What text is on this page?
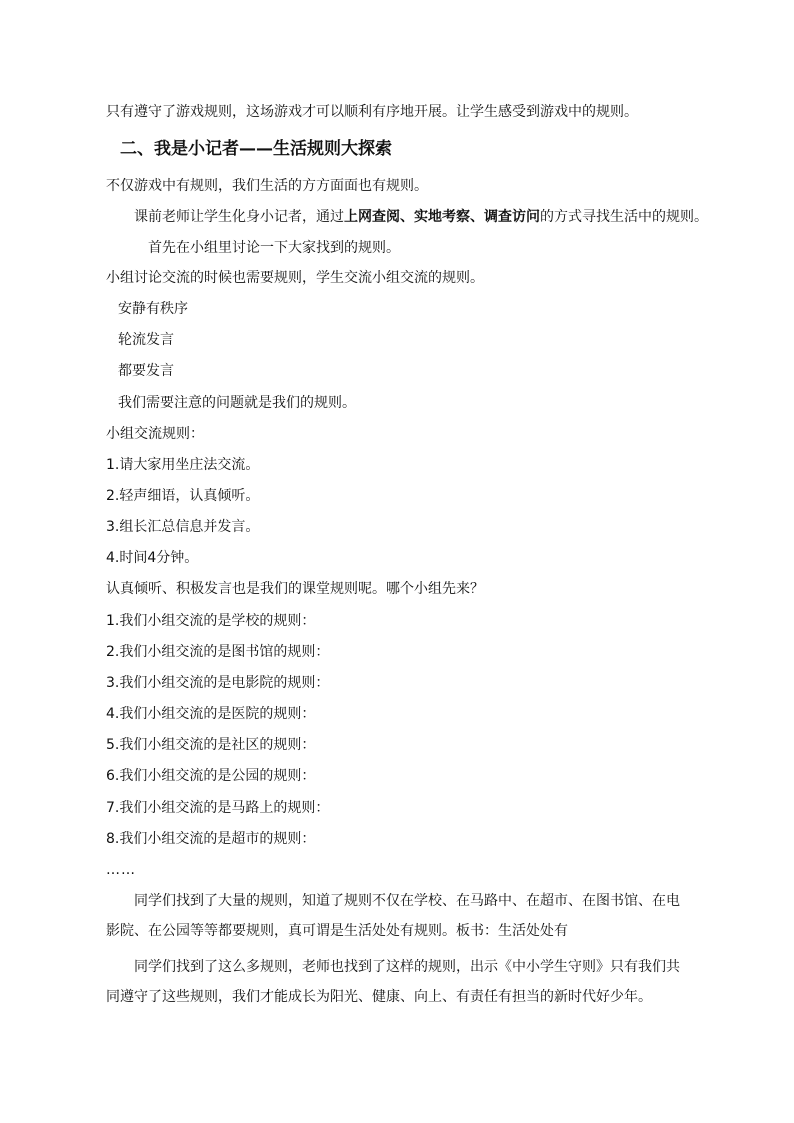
只有遵守了游戏规则，这场游戏才可以顺利有序地开展。让学生感受到游戏中的规则。
二、我是小记者——生活规则大探索
不仅游戏中有规则，我们生活的方方面面也有规则。
课前老师让学生化身小记者，通过上网查阅、实地考察、调查访问的方式寻找生活中的规则。
首先在小组里讨论一下大家找到的规则。
小组讨论交流的时候也需要规则，学生交流小组交流的规则。
安静有秩序
轮流发言
都要发言
我们需要注意的问题就是我们的规则。
小组交流规则：
1.请大家用坐庄法交流。
2.轻声细语，认真倾听。
3.组长汇总信息并发言。
4.时间4分钟。
认真倾听、积极发言也是我们的课堂规则呢。哪个小组先来？
1.我们小组交流的是学校的规则：
2.我们小组交流的是图书馆的规则：
3.我们小组交流的是电影院的规则：
4.我们小组交流的是医院的规则：
5.我们小组交流的是社区的规则：
6.我们小组交流的是公园的规则：
7.我们小组交流的是马路上的规则：
8.我们小组交流的是超市的规则：
……
同学们找到了大量的规则，知道了规则不仅在学校、在马路中、在超市、在图书馆、在电影院、在公园等等都要规则，真可谓是生活处处有规则。板书：生活处处有
同学们找到了这么多规则，老师也找到了这样的规则，出示《中小学生守则》只有我们共同遵守了这些规则，我们才能成长为阳光、健康、向上、有责任有担当的新时代好少年。
